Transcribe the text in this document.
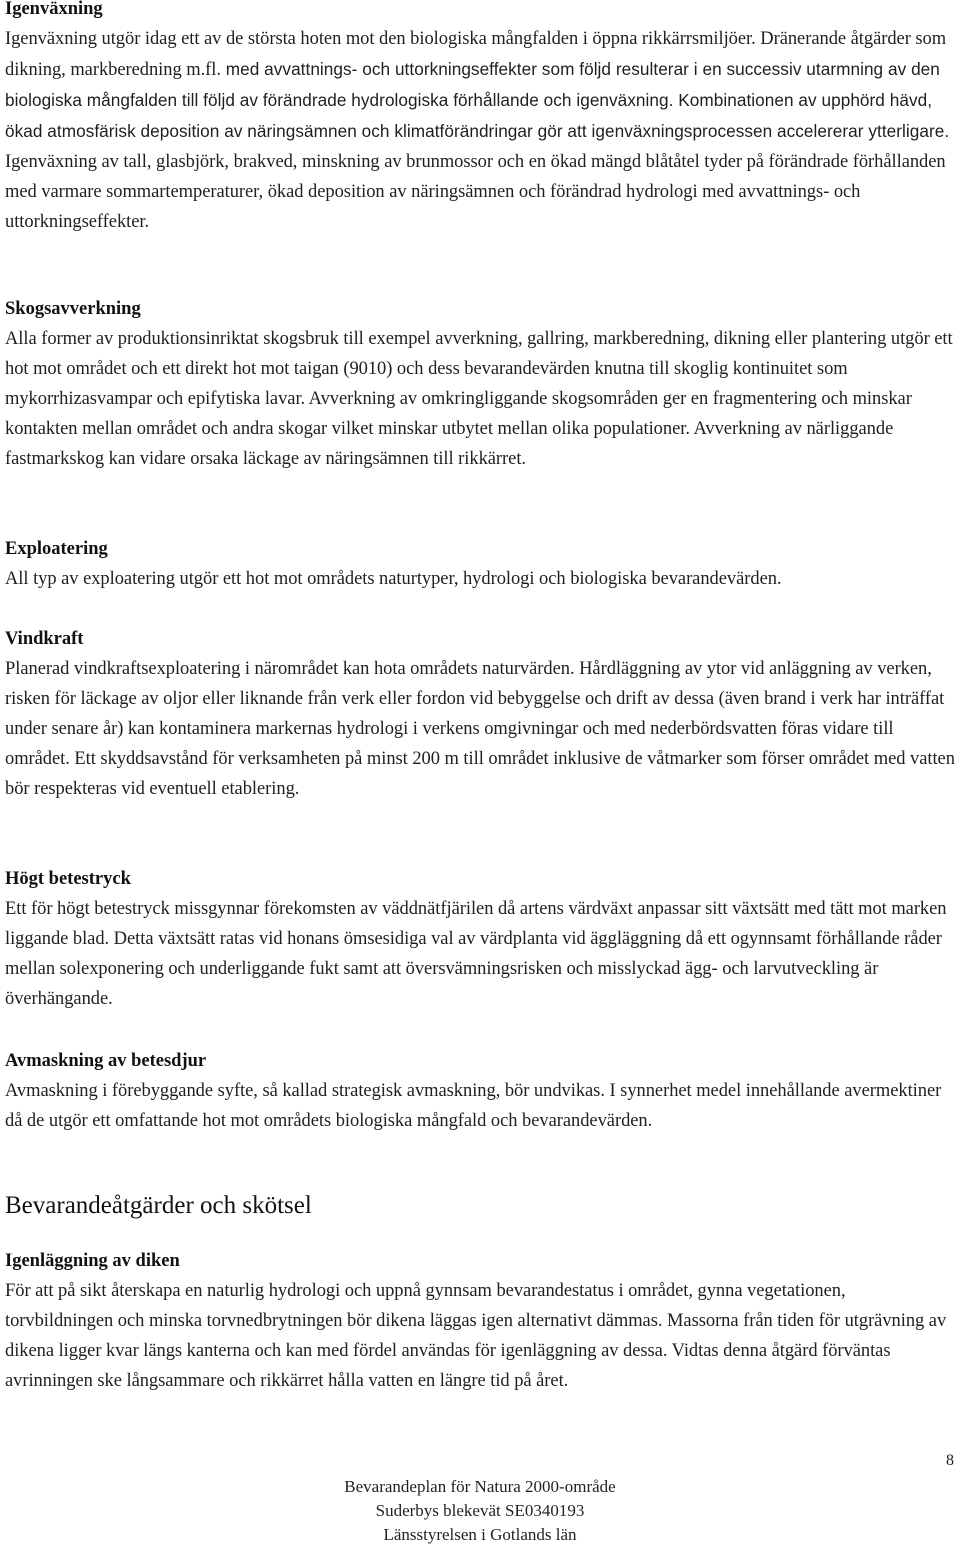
Igenväxning

Igenväxning utgör idag ett av de största hoten mot den biologiska mångfalden i öppna rikkärrsmiljöer. Dränerande åtgärder som dikning, markberedning m.fl. med avvattnings- och uttorkningseffekter som följd resulterar i en successiv utarmning av den biologiska mångfalden till följd av förändrade hydrologiska förhållande och igenväxning. Kombinationen av upphörd hävd, ökad atmosfärisk deposition av näringsämnen och klimatförändringar gör att igenväxningsprocessen accelererar ytterligare. Igenväxning av tall, glasbjörk, brakved, minskning av brunmossor och en ökad mängd blåtåtel tyder på förändrade förhållanden med varmare sommartemperaturer, ökad deposition av näringsämnen och förändrad hydrologi med avvattnings- och uttorkningseffekter.

Skogsavverkning

Alla former av produktionsinriktat skogsbruk till exempel avverkning, gallring, markberedning, dikning eller plantering utgör ett hot mot området och ett direkt hot mot taigan (9010) och dess bevarandevärden knutna till skoglig kontinuitet som mykorrhizasvampar och epifytiska lavar. Avverkning av omkringliggande skogsområden ger en fragmentering och minskar kontakten mellan området och andra skogar vilket minskar utbytet mellan olika populationer. Avverkning av närliggande fastmarkskog kan vidare orsaka läckage av näringsämnen till rikkärret.

Exploatering

All typ av exploatering utgör ett hot mot områdets naturtyper, hydrologi och biologiska bevarandevärden.

Vindkraft

Planerad vindkraftsexploatering i närområdet kan hota områdets naturvärden. Hårdläggning av ytor vid anläggning av verken, risken för läckage av oljor eller liknande från verk eller fordon vid bebyggelse och drift av dessa (även brand i verk har inträffat under senare år) kan kontaminera markernas hydrologi i verkens omgivningar och med nederbördsvatten föras vidare till området. Ett skyddsavstånd för verksamheten på minst 200 m till området inklusive de våtmarker som förser området med vatten bör respekteras vid eventuell etablering.

Högt betestryck

Ett för högt betestryck missgynnar förekomsten av väddnätfjärilen då artens värdväxt anpassar sitt växtsätt med tätt mot marken liggande blad. Detta växtsätt ratas vid honans ömsesidiga val av värdplanta vid äggläggning då ett ogynnsamt förhållande råder mellan solexponering och underliggande fukt samt att översvämningsrisken och misslyckad ägg- och larvutveckling är överhängande.

Avmaskning av betesdjur

Avmaskning i förebyggande syfte, så kallad strategisk avmaskning, bör undvikas. I synnerhet medel innehållande avermektiner då de utgör ett omfattande hot mot områdets biologiska mångfald och bevarandevärden.

Bevarandeåtgärder och skötsel

Igenläggning av diken

För att på sikt återskapa en naturlig hydrologi och uppnå gynnsam bevarandestatus i området, gynna vegetationen, torvbildningen och minska torvnedbrytningen bör dikena läggas igen alternativt dämmas. Massorna från tiden för utgrävning av dikena ligger kvar längs kanterna och kan med fördel användas för igenläggning av dessa. Vidtas denna åtgärd förväntas avrinningen ske långsammare och rikkärret hålla vatten en längre tid på året.

8
Bevarandeplan för Natura 2000-område
Suderbys blekevät SE0340193
Länsstyrelsen i Gotlands län
